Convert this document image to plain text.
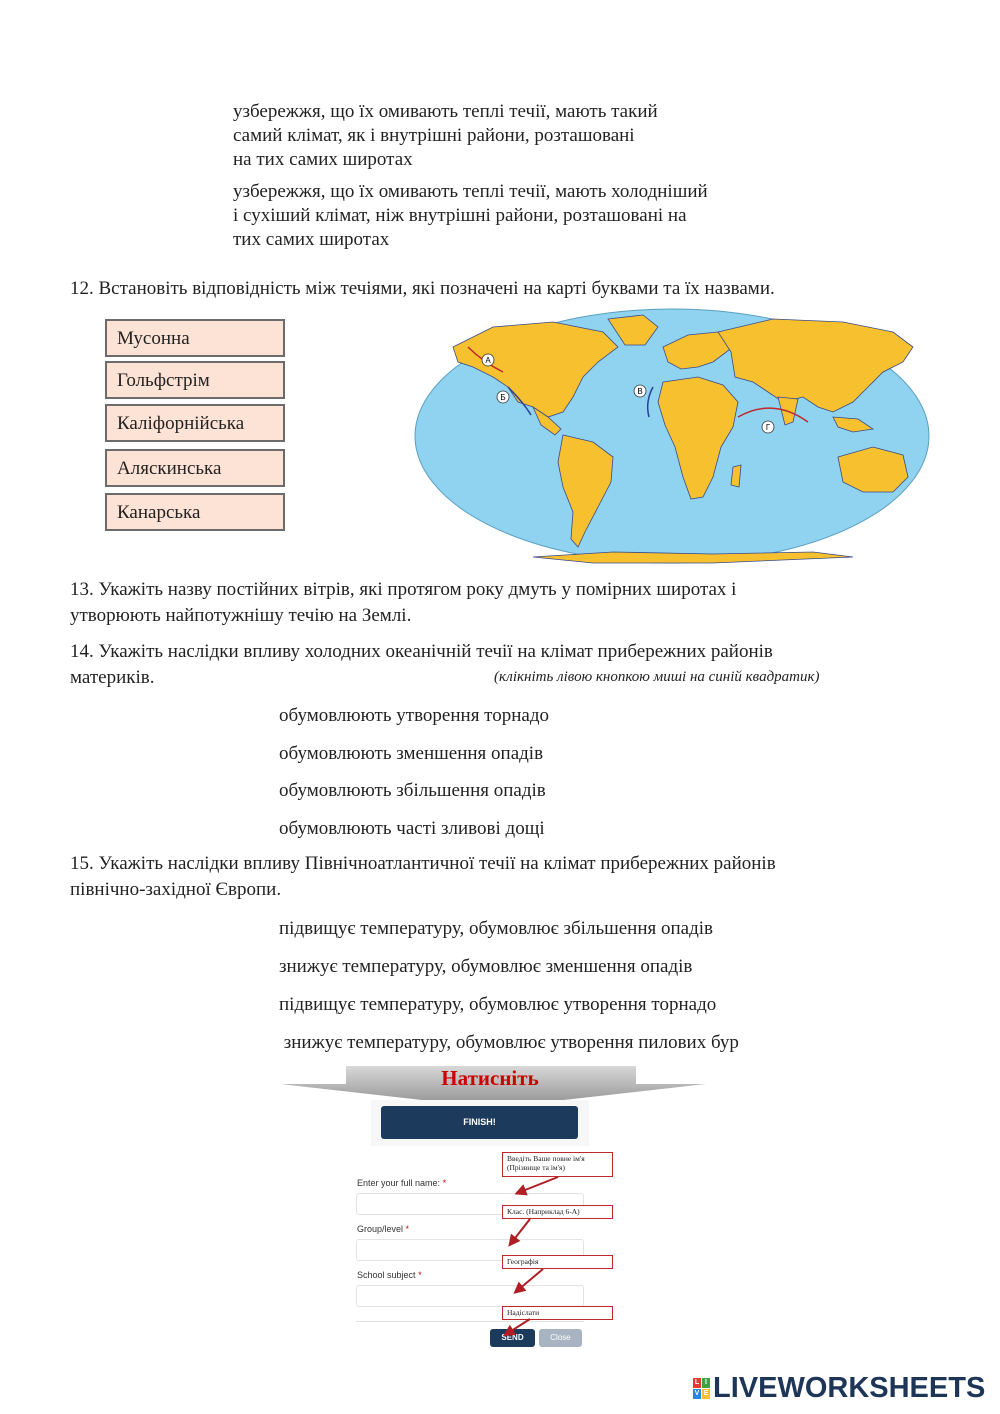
узбережжя, що їх омивають теплі течії, мають такий
самий клімат, як і внутрішні райони, розташовані
на тих самих широтах
узбережжя, що їх омивають теплі течії, мають холодніший
і сухіший клімат, ніж внутрішні райони, розташовані на
тих самих широтах
12. Встановіть відповідність між течіями, які позначені на карті буквами та їх назвами.
Мусонна
Гольфстрім
Каліфорнійська
Аляскинська
Канарська
А
Б
В
Г
13. Укажіть назву постійних вітрів, які протягом року дмуть у помірних широтах і
утворюють найпотужнішу течію на Землі.
14. Укажіть наслідки впливу холодних океанічній течії на клімат прибережних районів
материків.	(клікніть лівою кнопкою миші на синій квадратик)
обумовлюють утворення торнадо
обумовлюють зменшення опадів
обумовлюють збільшення опадів
обумовлюють часті зливові дощі
15. Укажіть наслідки впливу Північноатлантичної течії на клімат прибережних районів
північно-західної Європи.
підвищує температуру, обумовлює збільшення опадів
знижує температуру, обумовлює зменшення опадів
підвищує температуру, обумовлює утворення торнадо
знижує температуру, обумовлює утворення пилових бур
Натисніть
FINISH!
Enter your full name: *
Group/level *
School subject *
SEND	Close
Введіть Ваше повне ім'я
(Прізвище та ім'я)
Клас. (Наприклад 6-А)
Географія
Надіслати
L I
V E LIVEWORKSHEETS
